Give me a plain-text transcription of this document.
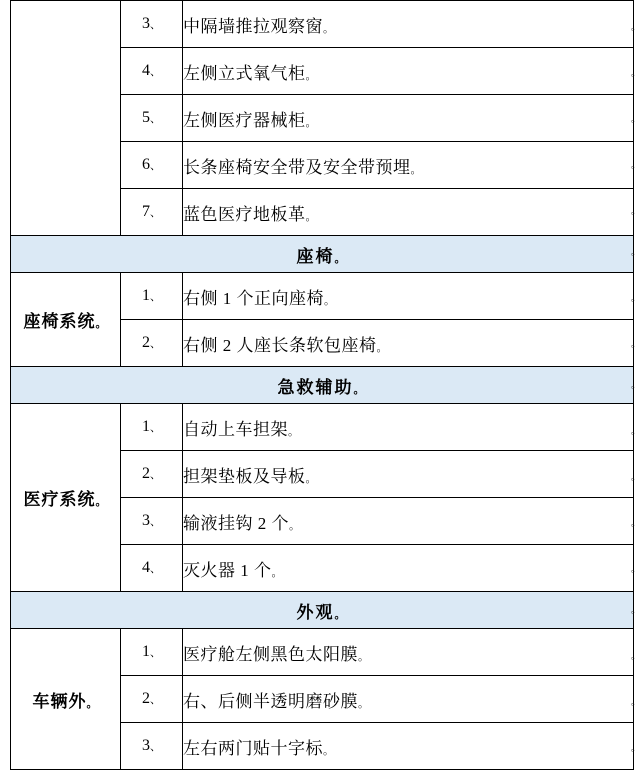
	3、	中隔墙推拉观察窗。
	4、	左侧立式氧气柜。
	5、	左侧医疗器械柜。
	6、	长条座椅安全带及安全带预埋。
	7、	蓝色医疗地板革。
座椅。		
座椅系统。	1、	右侧 1 个正向座椅。
	2、	右侧 2 人座长条软包座椅。
急救辅助。		
医疗系统。	1、	自动上车担架。
	2、	担架垫板及导板。
	3、	输液挂钩 2 个。
	4、	灭火器 1 个。
外观。		
车辆外。	1、	医疗舱左侧黑色太阳膜。
	2、	右、后侧半透明磨砂膜。
	3、	左右两门贴十字标。
。
。
。
。
。
。
。
。
。
。
。
。
。
。
。
。
。
